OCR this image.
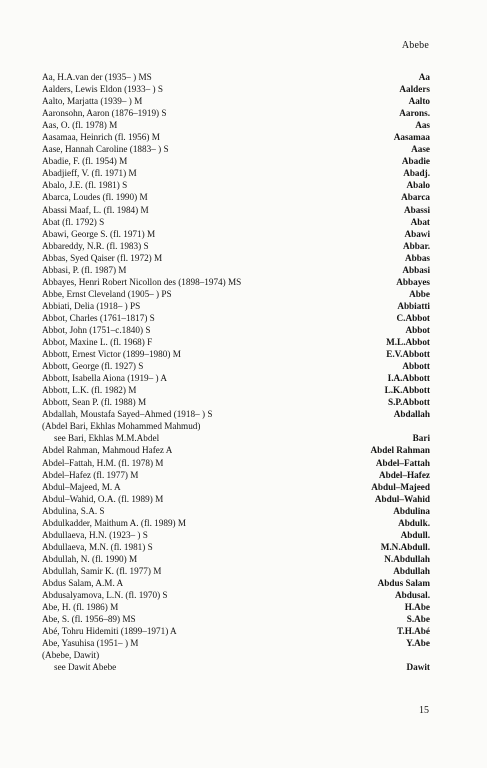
Abebe
Aa, H.A.van der (1935– ) MS	Aa
Aalders, Lewis Eldon (1933– ) S	Aalders
Aalto, Marjatta (1939– ) M	Aalto
Aaronsohn, Aaron (1876–1919) S	Aarons.
Aas, O. (fl. 1978) M	Aas
Aasamaa, Heinrich (fl. 1956) M	Aasamaa
Aase, Hannah Caroline (1883– ) S	Aase
Abadie, F. (fl. 1954) M	Abadie
Abadjieff, V. (fl. 1971) M	Abadj.
Abalo, J.E. (fl. 1981) S	Abalo
Abarca, Loudes (fl. 1990) M	Abarca
Abassi Maaf, L. (fl. 1984) M	Abassi
Abat (fl. 1792) S	Abat
Abawi, George S. (fl. 1971) M	Abawi
Abbareddy, N.R. (fl. 1983) S	Abbar.
Abbas, Syed Qaiser (fl. 1972) M	Abbas
Abbasi, P. (fl. 1987) M	Abbasi
Abbayes, Henri Robert Nicollon des (1898–1974) MS	Abbayes
Abbe, Ernst Cleveland (1905– ) PS	Abbe
Abbiati, Delia (1918– ) PS	Abbiatti
Abbot, Charles (1761–1817) S	C.Abbot
Abbot, John (1751–c.1840) S	Abbot
Abbot, Maxine L. (fl. 1968) F	M.L.Abbot
Abbott, Ernest Victor (1899–1980) M	E.V.Abbott
Abbott, George (fl. 1927) S	Abbott
Abbott, Isabella Aiona (1919– ) A	I.A.Abbott
Abbott, L.K. (fl. 1982) M	L.K.Abbott
Abbott, Sean P. (fl. 1988) M	S.P.Abbott
Abdallah, Moustafa Sayed–Ahmed (1918– ) S	Abdallah
(Abdel Bari, Ekhlas Mohammed Mahmud)
see Bari, Ekhlas M.M.Abdel	Bari
Abdel Rahman, Mahmoud Hafez A	Abdel Rahman
Abdel–Fattah, H.M. (fl. 1978) M	Abdel–Fattah
Abdel–Hafez (fl. 1977) M	Abdel–Hafez
Abdul–Majeed, M. A	Abdul–Majeed
Abdul–Wahid, O.A. (fl. 1989) M	Abdul–Wahid
Abdulina, S.A. S	Abdulina
Abdulkadder, Maithum A. (fl. 1989) M	Abdulk.
Abdullaeva, H.N. (1923– ) S	Abdull.
Abdullaeva, M.N. (fl. 1981) S	M.N.Abdull.
Abdullah, N. (fl. 1990) M	N.Abdullah
Abdullah, Samir K. (fl. 1977) M	Abdullah
Abdus Salam, A.M. A	Abdus Salam
Abdusalyamova, L.N. (fl. 1970) S	Abdusal.
Abe, H. (fl. 1986) M	H.Abe
Abe, S. (fl. 1956–89) MS	S.Abe
Abé, Tohru Hidemiti (1899–1971) A	T.H.Abé
Abe, Yasuhisa (1951– ) M	Y.Abe
(Abebe, Dawit)
see Dawit Abebe	Dawit
15
